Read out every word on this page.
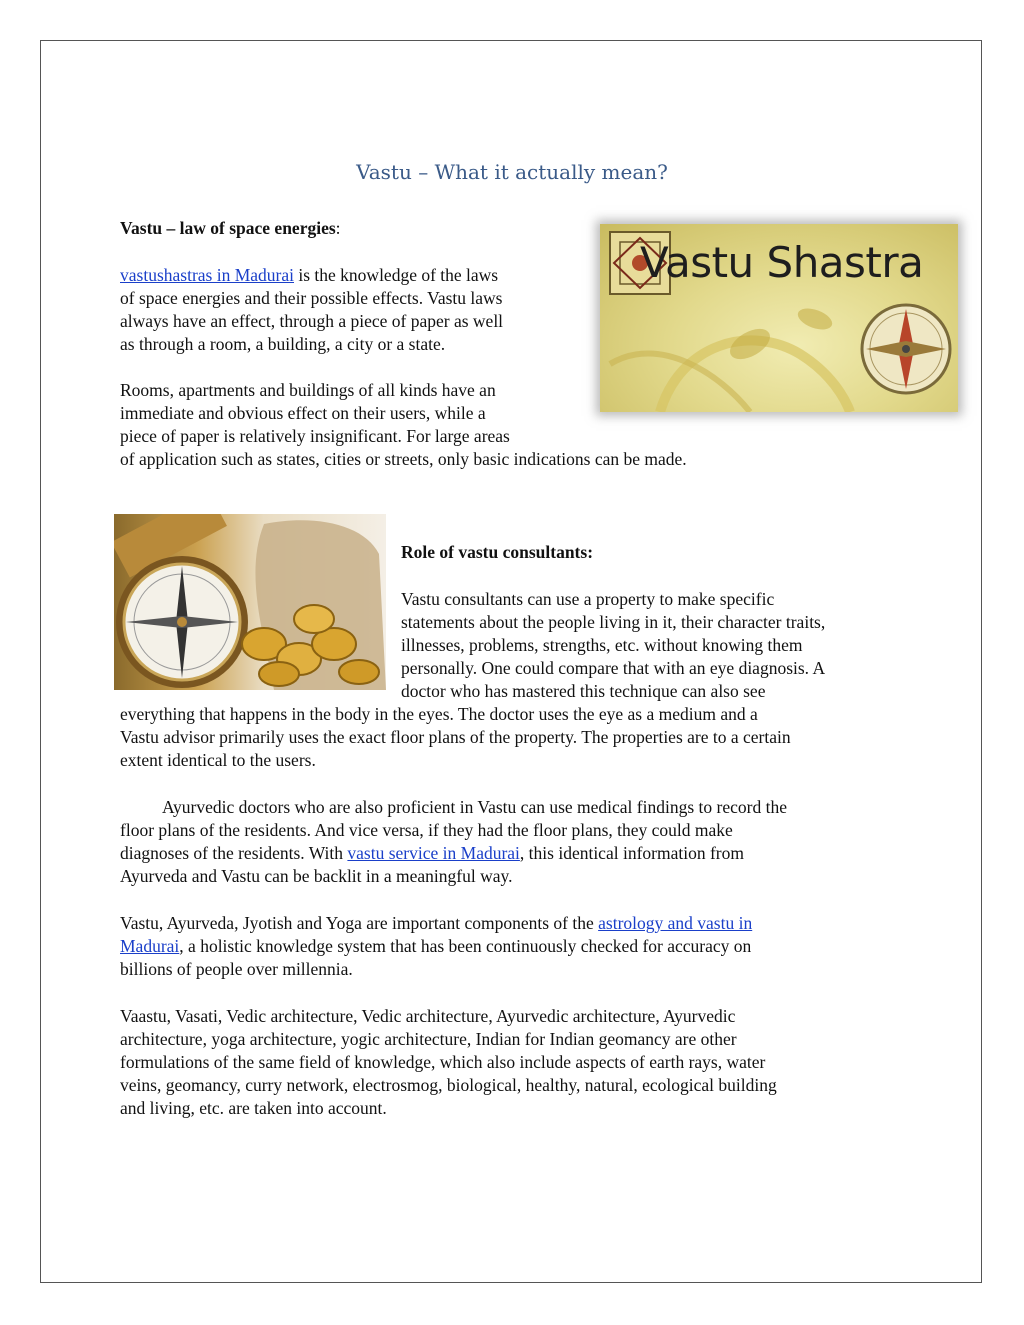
Vastu – What it actually mean?
Vastu – law of space energies:
vastushastras in Madurai is the knowledge of the laws
of space energies and their possible effects. Vastu laws
always have an effect, through a piece of paper as well
as through a room, a building, a city or a state.
Rooms, apartments and buildings of all kinds have an
immediate and obvious effect on their users, while a
piece of paper is relatively insignificant. For large areas
of application such as states, cities or streets, only basic indications can be made.
Vastu Shastra
Role of vastu consultants:
Vastu consultants can use a property to make specific
statements about the people living in it, their character traits,
illnesses, problems, strengths, etc. without knowing them
personally. One could compare that with an eye diagnosis. A
doctor who has mastered this technique can also see
everything that happens in the body in the eyes. The doctor uses the eye as a medium and a
Vastu advisor primarily uses the exact floor plans of the property. The properties are to a certain
extent identical to the users.
Ayurvedic doctors who are also proficient in Vastu can use medical findings to record the
floor plans of the residents. And vice versa, if they had the floor plans, they could make
diagnoses of the residents. With vastu service in Madurai, this identical information from
Ayurveda and Vastu can be backlit in a meaningful way.
Vastu, Ayurveda, Jyotish and Yoga are important components of the astrology and vastu in
Madurai, a holistic knowledge system that has been continuously checked for accuracy on
billions of people over millennia.
Vaastu, Vasati, Vedic architecture, Vedic architecture, Ayurvedic architecture, Ayurvedic
architecture, yoga architecture, yogic architecture, Indian for Indian geomancy are other
formulations of the same field of knowledge, which also include aspects of earth rays, water
veins, geomancy, curry network, electrosmog, biological, healthy, natural, ecological building
and living, etc. are taken into account.
